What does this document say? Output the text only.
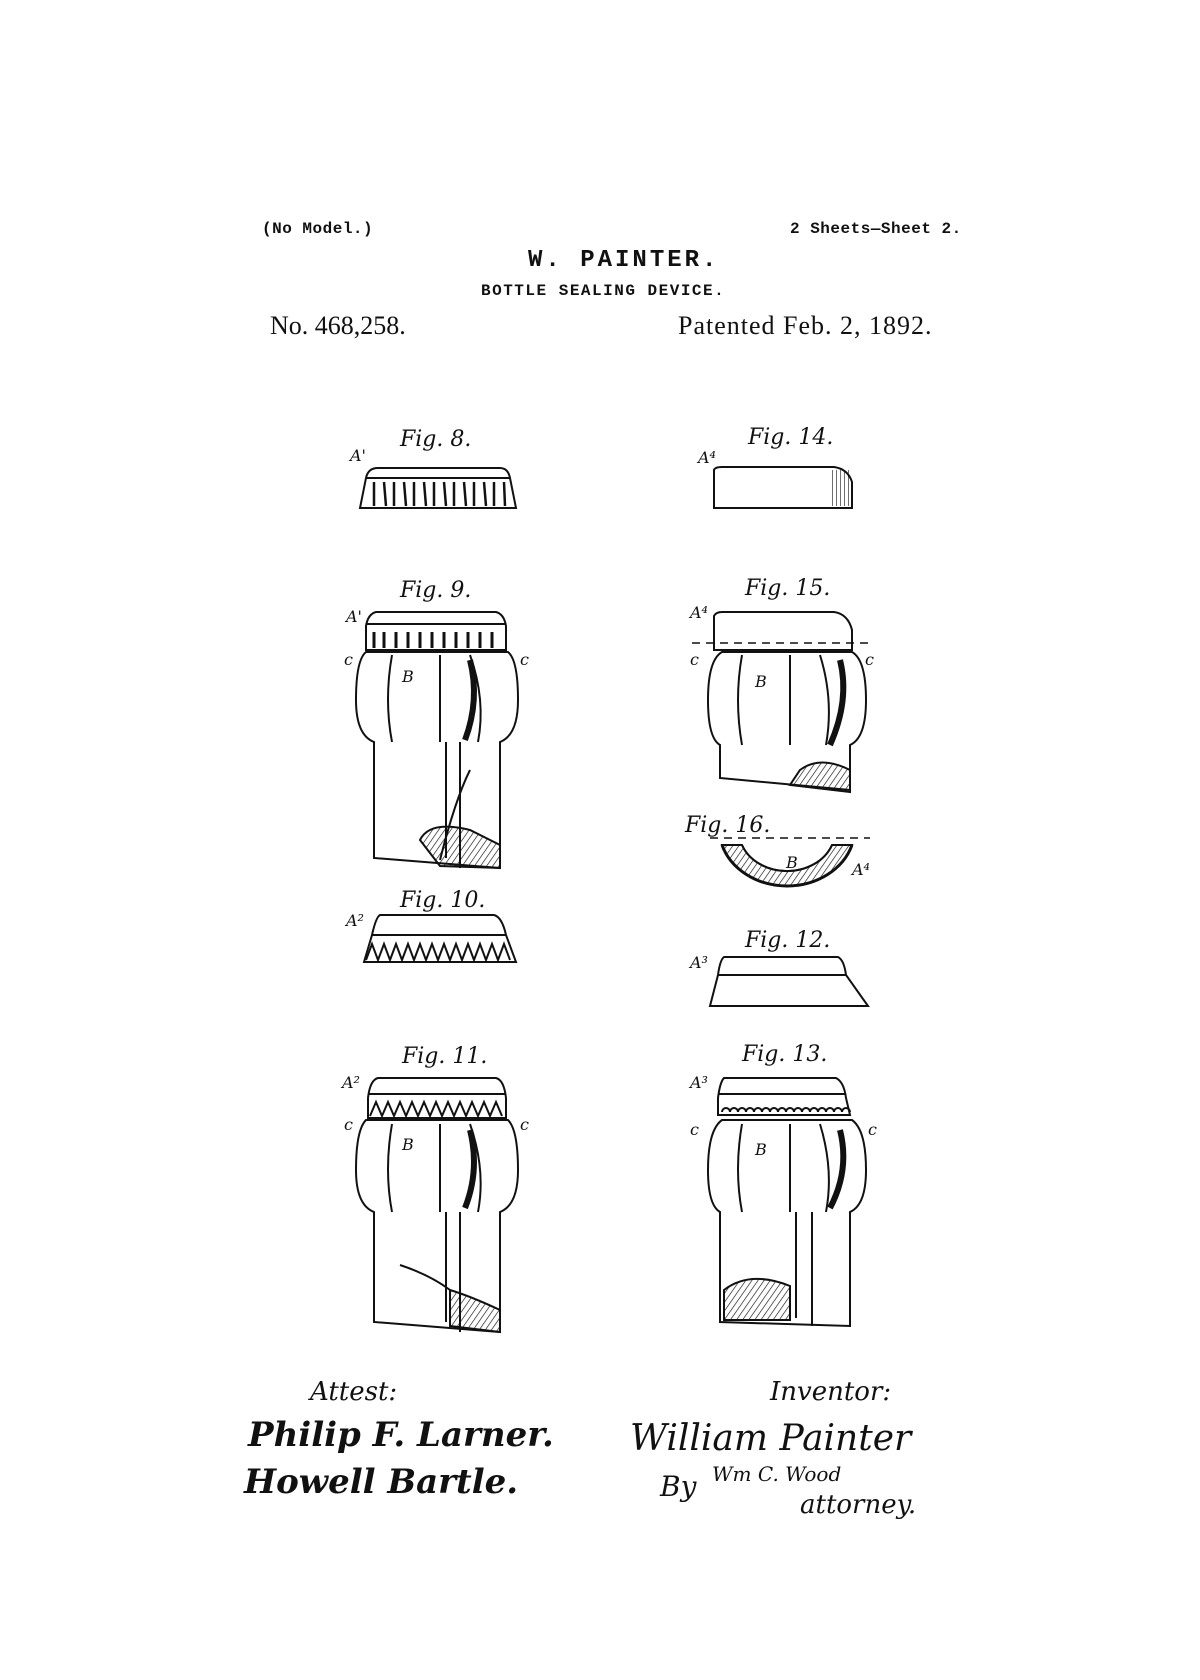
(No Model.)	2 Sheets—Sheet 2.
W. PAINTER.
BOTTLE SEALING DEVICE.
No. 468,258.	Patented Feb. 2, 1892.
Fig. 8.	Fig. 14.
Fig. 9.	Fig. 15.
Fig. 16.
Fig. 10.
Fig. 12.
Fig. 11.	Fig. 13.
A'	A⁴
A'	A⁴
c	c
B
c	c
B
B	A⁴
A²
A³
A²
c	c
B
A³
c	c
B
Attest:
Philip F. Larner.
Howell Bartle.
Inventor:
William Painter
By Wm C. Wood
attorney.
